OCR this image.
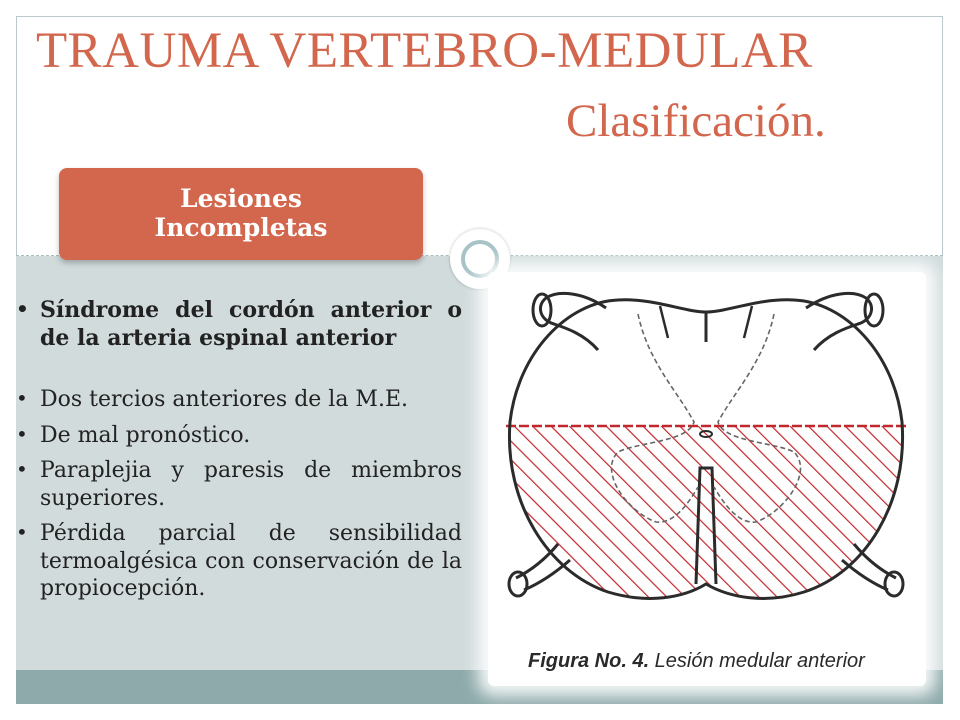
TRAUMA VERTEBRO-MEDULAR
Clasificación.
Lesiones
Incompletas
• Síndrome del cordón anterior o de la arteria espinal anterior
• Dos tercios anteriores de la M.E.
• De mal pronóstico.
• Paraplejia y paresis de miembros superiores.
• Pérdida parcial de sensibilidad termoalgésica con conservación de la propiocepción.
Figura No. 4. Lesión medular anterior
